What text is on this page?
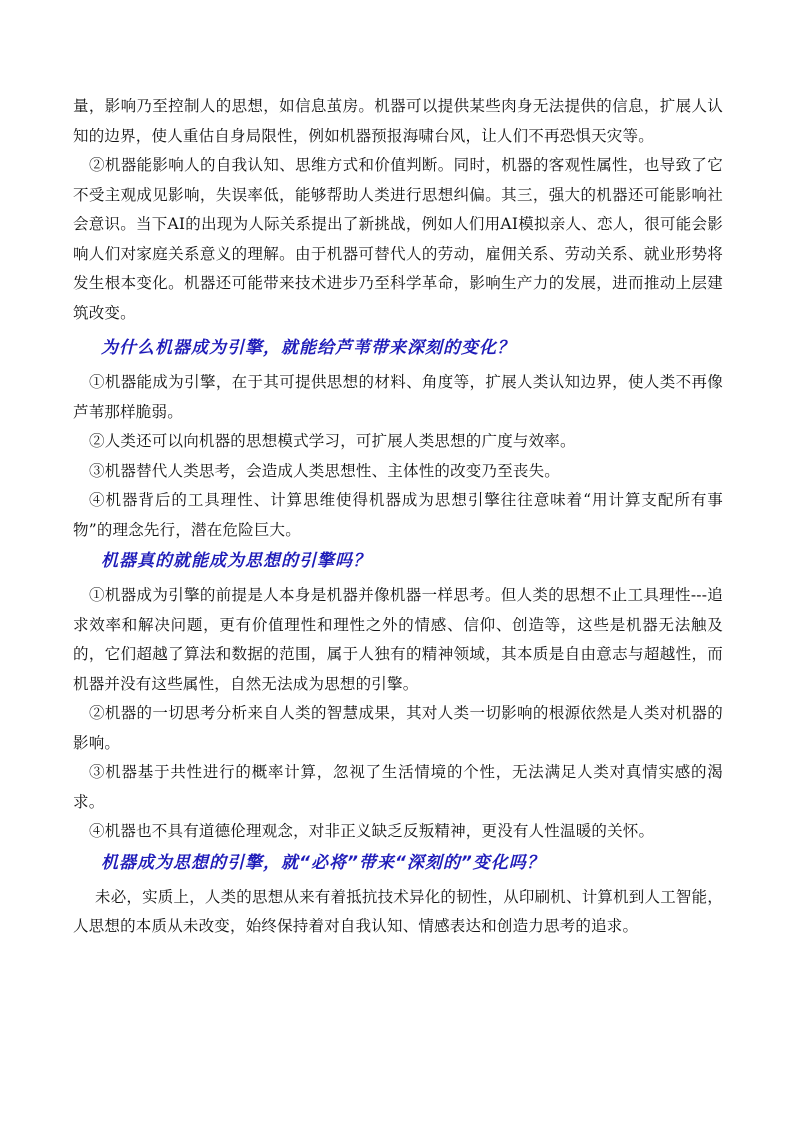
量，影响乃至控制人的思想，如信息茧房。机器可以提供某些肉身无法提供的信息，扩展人认知的边界，使人重估自身局限性，例如机器预报海啸台风，让人们不再恐惧天灾等。

②机器能影响人的自我认知、思维方式和价值判断。同时，机器的客观性属性，也导致了它不受主观成见影响，失误率低，能够帮助人类进行思想纠偏。其三，强大的机器还可能影响社会意识。当下AI的出现为人际关系提出了新挑战，例如人们用AI模拟亲人、恋人，很可能会影响人们对家庭关系意义的理解。由于机器可替代人的劳动，雇佣关系、劳动关系、就业形势将发生根本变化。机器还可能带来技术进步乃至科学革命，影响生产力的发展，进而推动上层建筑改变。

为什么机器成为引擎，就能给芦苇带来深刻的变化？

①机器能成为引擎，在于其可提供思想的材料、角度等，扩展人类认知边界，使人类不再像芦苇那样脆弱。

②人类还可以向机器的思想模式学习，可扩展人类思想的广度与效率。

③机器替代人类思考，会造成人类思想性、主体性的改变乃至丧失。

④机器背后的工具理性、计算思维使得机器成为思想引擎往往意味着“用计算支配所有事物”的理念先行，潜在危险巨大。

机器真的就能成为思想的引擎吗？

①机器成为引擎的前提是人本身是机器并像机器一样思考。但人类的思想不止工具理性---追求效率和解决问题，更有价值理性和理性之外的情感、信仰、创造等，这些是机器无法触及的，它们超越了算法和数据的范围，属于人独有的精神领域，其本质是自由意志与超越性，而机器并没有这些属性，自然无法成为思想的引擎。

②机器的一切思考分析来自人类的智慧成果，其对人类一切影响的根源依然是人类对机器的影响。

③机器基于共性进行的概率计算，忽视了生活情境的个性，无法满足人类对真情实感的渴求。

④机器也不具有道德伦理观念，对非正义缺乏反叛精神，更没有人性温暖的关怀。

机器成为思想的引擎，就“必将”带来“深刻的”变化吗？

未必，实质上，人类的思想从来有着抵抗技术异化的韧性，从印刷机、计算机到人工智能，人思想的本质从未改变，始终保持着对自我认知、情感表达和创造力思考的追求。
